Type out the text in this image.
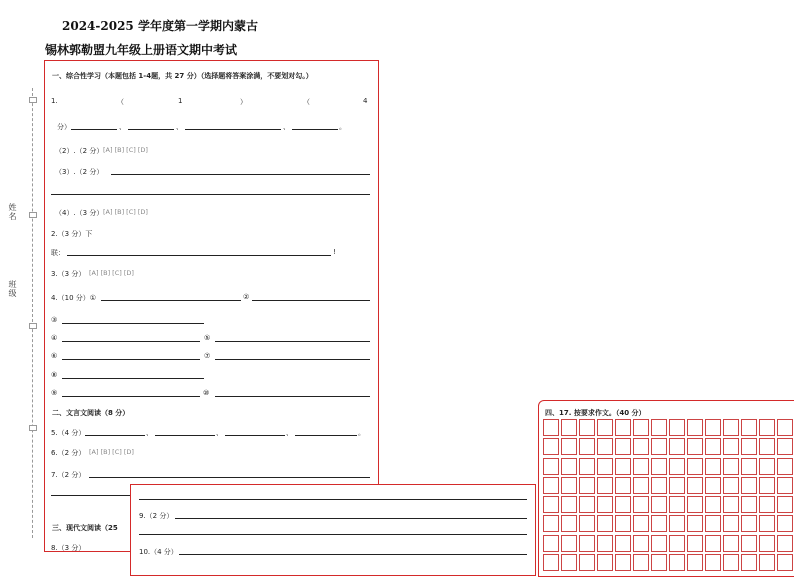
2024-2025 学年度第一学期内蒙古
锡林郭勒盟九年级上册语文期中考试
姓名
班级
一、综合性学习（本题包括 1-4题，共 27 分）（选择题将答案涂满，不要划对勾。）
1.	（	1	）	（	4
分）	、	、	、	。
（2）.（2 分） [A] [B] [C] [D]
（3）.（2 分）
（4）.（3 分） [A] [B] [C] [D]
2.（3 分）下
联：	!
3.（3 分） [A] [B] [C] [D]
4.（10 分）①	②
③
④	⑤
⑥	⑦
⑧
⑨	⑩
二、文言文阅读（8 分）
5.（4 分）	、	、	、	。
6.（2 分） [A] [B] [C] [D]
7.（2 分）
三、现代文阅读（25
8.（3 分）
9.（2 分）
10.（4 分）
四、17. 按要求作文。（40 分）
